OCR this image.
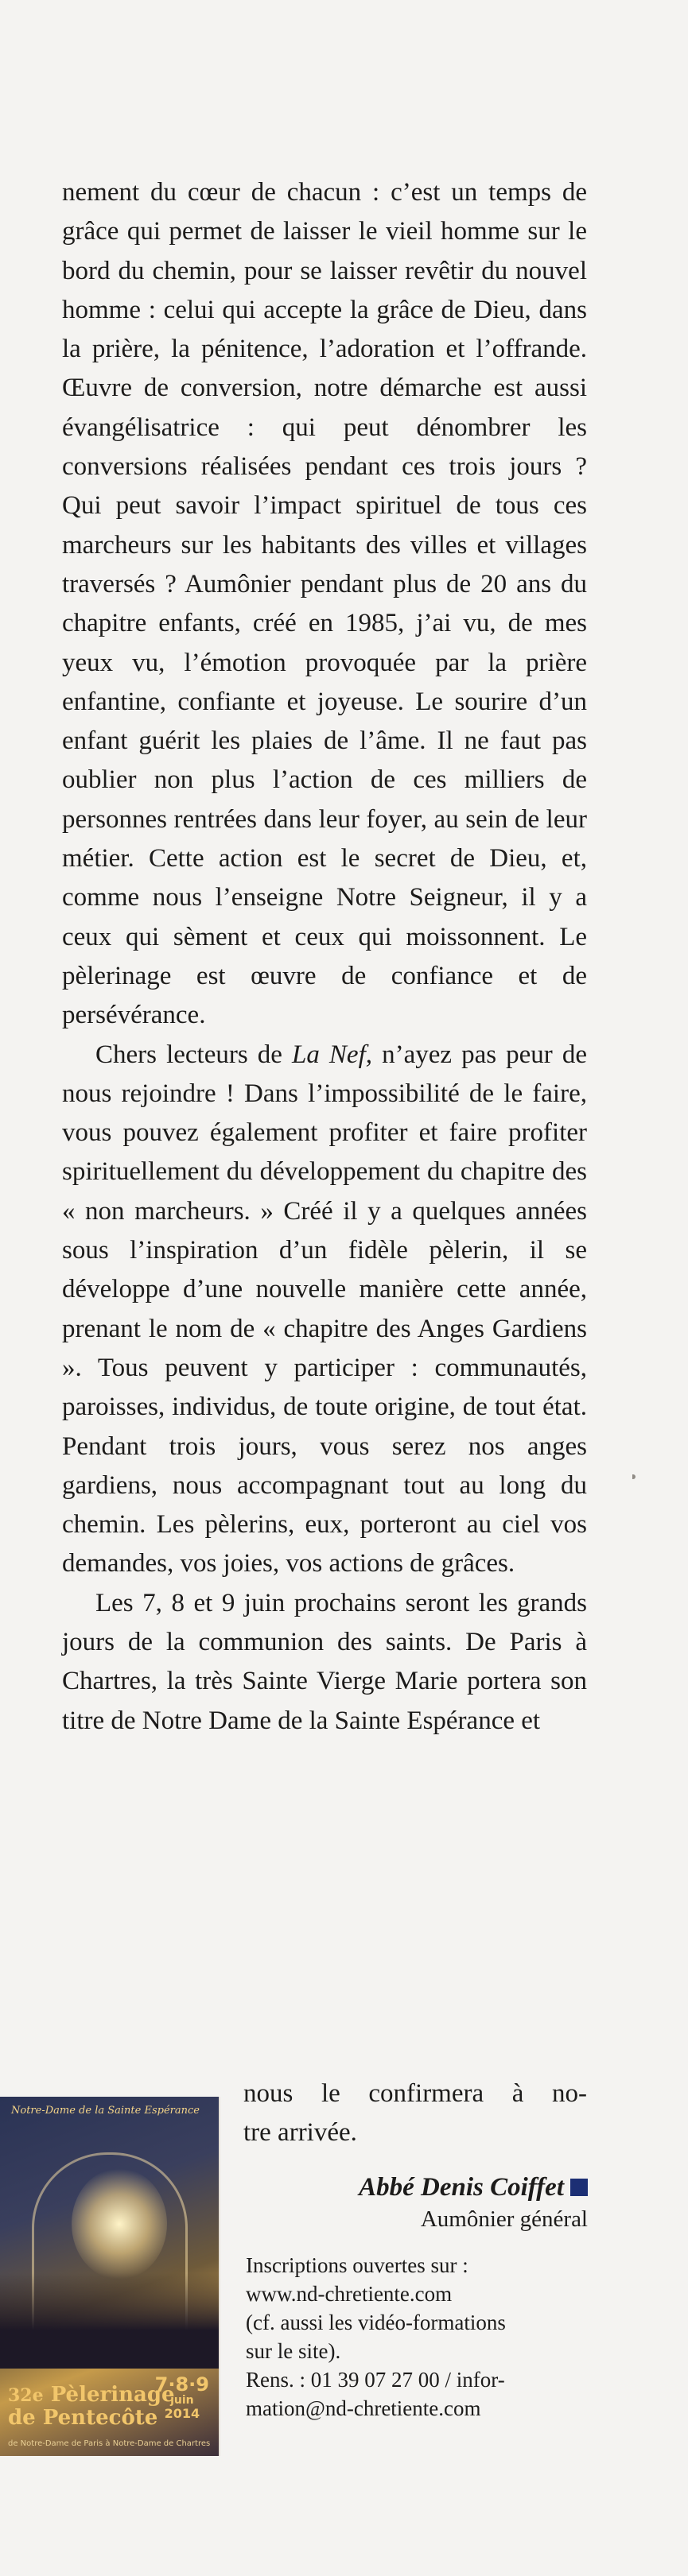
nement du cœur de chacun : c’est un temps de grâce qui permet de laisser le vieil homme sur le bord du chemin, pour se laisser revêtir du nouvel homme : celui qui accepte la grâce de Dieu, dans la prière, la pénitence, l’adoration et l’offrande. Œuvre de conversion, notre démarche est aussi évangélisatrice : qui peut dénombrer les conversions réalisées pendant ces trois jours ? Qui peut savoir l’impact spirituel de tous ces marcheurs sur les habitants des villes et villages traversés ? Aumônier pendant plus de 20 ans du chapitre enfants, créé en 1985, j’ai vu, de mes yeux vu, l’émotion provoquée par la prière enfantine, confiante et joyeuse. Le sourire d’un enfant guérit les plaies de l’âme. Il ne faut pas oublier non plus l’action de ces milliers de personnes rentrées dans leur foyer, au sein de leur métier. Cette action est le secret de Dieu, et, comme nous l’enseigne Notre Seigneur, il y a ceux qui sèment et ceux qui moissonnent. Le pèlerinage est œuvre de confiance et de persévérance.

Chers lecteurs de La Nef, n’ayez pas peur de nous rejoindre ! Dans l’impossibilité de le faire, vous pouvez également profiter et faire profiter spirituellement du développement du chapitre des « non marcheurs. » Créé il y a quelques années sous l’inspiration d’un fidèle pèlerin, il se développe d’une nouvelle manière cette année, prenant le nom de « chapitre des Anges Gardiens ». Tous peuvent y participer : communautés, paroisses, individus, de toute origine, de tout état. Pendant trois jours, vous serez nos anges gardiens, nous accompagnant tout au long du chemin. Les pèlerins, eux, porteront au ciel vos demandes, vos joies, vos actions de grâces.

Les 7, 8 et 9 juin prochains seront les grands jours de la communion des saints. De Paris à Chartres, la très Sainte Vierge Marie portera son titre de Notre Dame de la Sainte Espérance et

nous le confirmera à no-
tre arrivée.
Notre-Dame de la Sainte Espérance
32e Pèlerinage
de Pentecôte
7·8·9
juin
2014
de Notre-Dame de Paris à Notre-Dame de Chartres
Abbé Denis Coiffet
Aumônier général
Inscriptions ouvertes sur :
www.nd-chretiente.com
(cf. aussi les vidéo-formations
sur le site).
Rens. : 01 39 07 27 00 / infor-
mation@nd-chretiente.com
